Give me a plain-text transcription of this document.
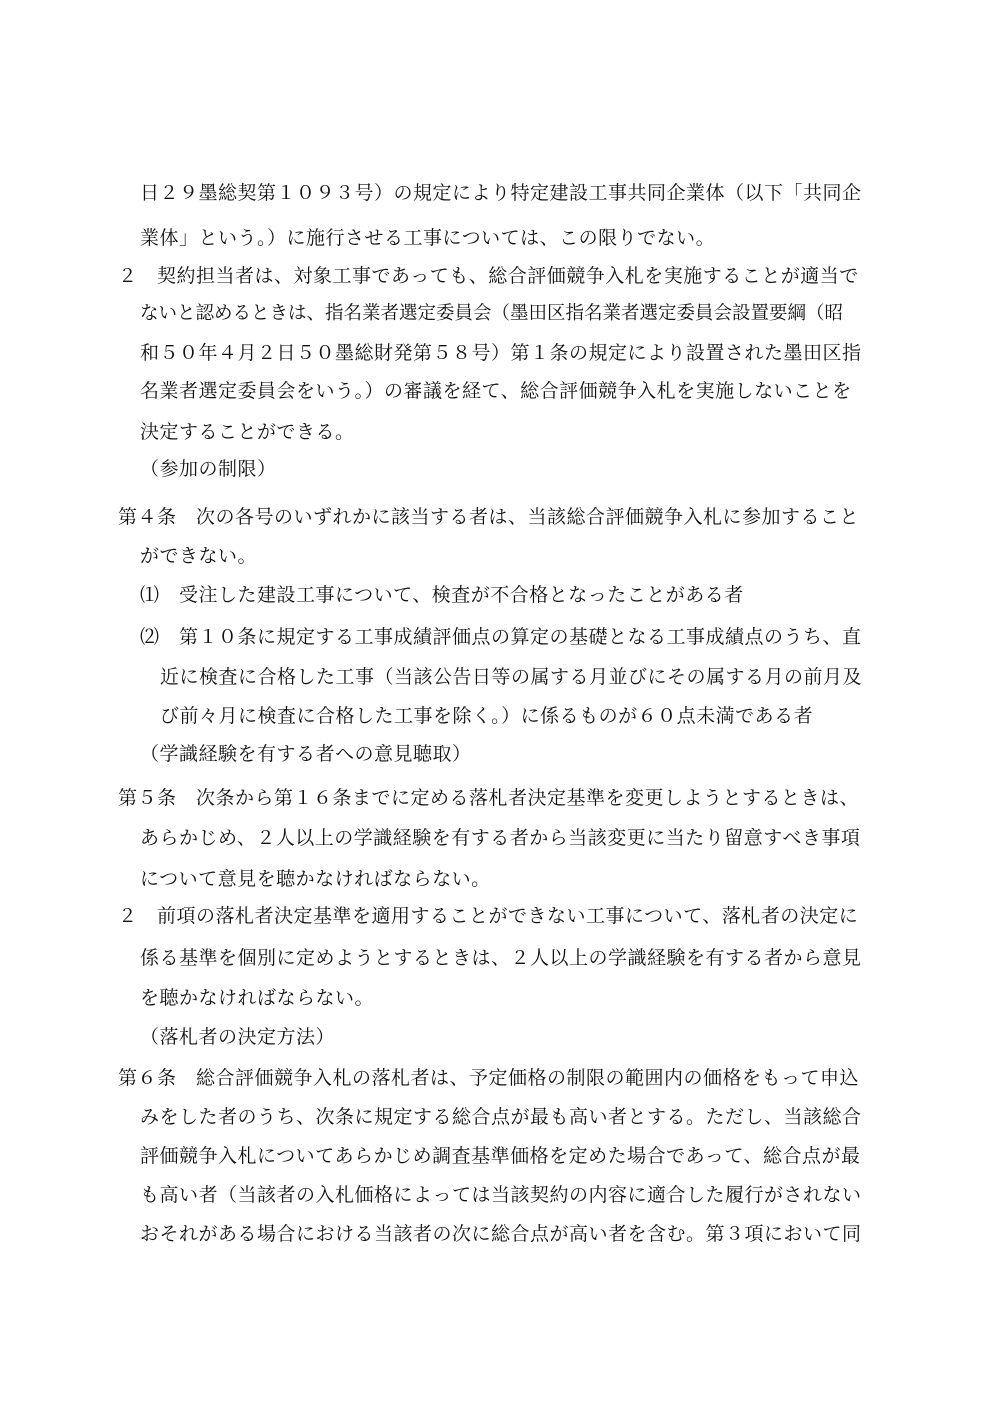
日２９墨総契第１０９３号）の規定により特定建設工事共同企業体（以下「共同企
業体」という。）に施行させる工事については、この限りでない。
２　契約担当者は、対象工事であっても、総合評価競争入札を実施することが適当で
ないと認めるときは、指名業者選定委員会（墨田区指名業者選定委員会設置要綱（昭
和５０年４月２日５０墨総財発第５８号）第１条の規定により設置された墨田区指
名業者選定委員会をいう。）の審議を経て、総合評価競争入札を実施しないことを
決定することができる。
（参加の制限）
第４条　次の各号のいずれかに該当する者は、当該総合評価競争入札に参加すること
ができない。
⑴　受注した建設工事について、検査が不合格となったことがある者
⑵　第１０条に規定する工事成績評価点の算定の基礎となる工事成績点のうち、直
近に検査に合格した工事（当該公告日等の属する月並びにその属する月の前月及
び前々月に検査に合格した工事を除く。）に係るものが６０点未満である者
（学識経験を有する者への意見聴取）
第５条　次条から第１６条までに定める落札者決定基準を変更しようとするときは、
あらかじめ、２人以上の学識経験を有する者から当該変更に当たり留意すべき事項
について意見を聴かなければならない。
２　前項の落札者決定基準を適用することができない工事について、落札者の決定に
係る基準を個別に定めようとするときは、２人以上の学識経験を有する者から意見
を聴かなければならない。
（落札者の決定方法）
第６条　総合評価競争入札の落札者は、予定価格の制限の範囲内の価格をもって申込
みをした者のうち、次条に規定する総合点が最も高い者とする。ただし、当該総合
評価競争入札についてあらかじめ調査基準価格を定めた場合であって、総合点が最
も高い者（当該者の入札価格によっては当該契約の内容に適合した履行がされない
おそれがある場合における当該者の次に総合点が高い者を含む。第３項において同
